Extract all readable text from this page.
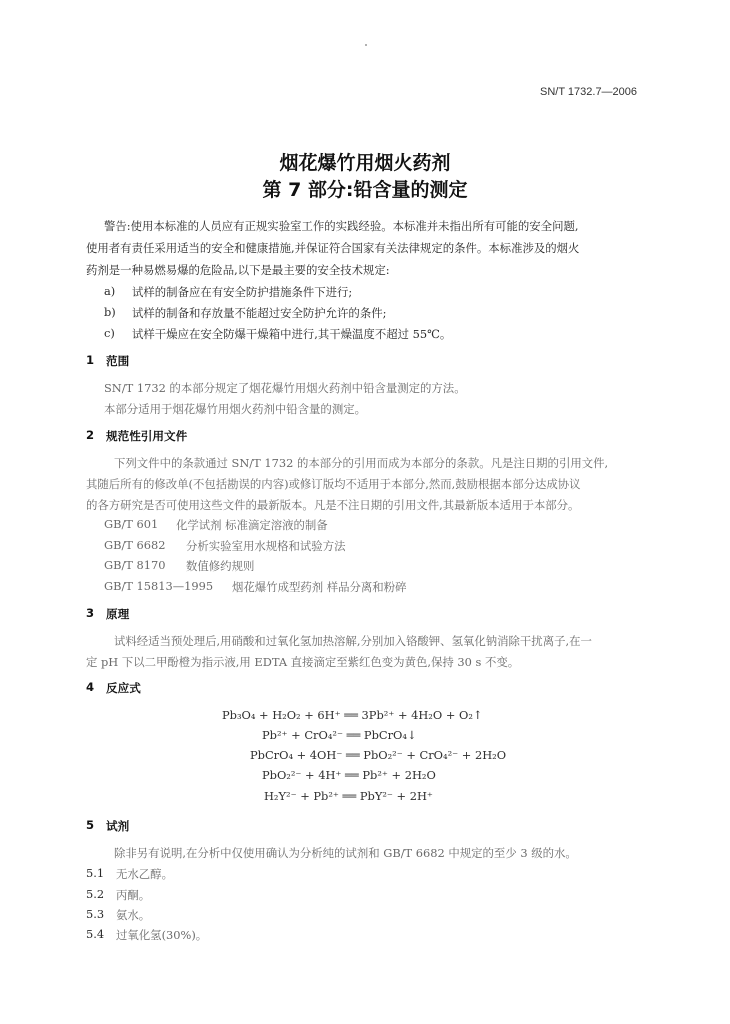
SN/T 1732.7—2006
烟花爆竹用烟火药剂
第 7 部分:铅含量的测定
警告:使用本标准的人员应有正规实验室工作的实践经验。本标准并未指出所有可能的安全问题,
使用者有责任采用适当的安全和健康措施,并保证符合国家有关法律规定的条件。本标准涉及的烟火
药剂是一种易燃易爆的危险品,以下是最主要的安全技术规定:
a) 试样的制备应在有安全防护措施条件下进行;
b) 试样的制备和存放量不能超过安全防护允许的条件;
c) 试样干燥应在安全防爆干燥箱中进行,其干燥温度不超过 55℃。
1 范围
SN/T 1732 的本部分规定了烟花爆竹用烟火药剂中铅含量测定的方法。
本部分适用于烟花爆竹用烟火药剂中铅含量的测定。
2 规范性引用文件
下列文件中的条款通过 SN/T 1732 的本部分的引用而成为本部分的条款。凡是注日期的引用文件,
其随后所有的修改单(不包括勘误的内容)或修订版均不适用于本部分,然而,鼓励根据本部分达成协议
的各方研究是否可使用这些文件的最新版本。凡是不注日期的引用文件,其最新版本适用于本部分。
GB/T 601 化学试剂 标准滴定溶液的制备
GB/T 6682 分析实验室用水规格和试验方法
GB/T 8170 数值修约规则
GB/T 15813—1995 烟花爆竹成型药剂 样品分离和粉碎
3 原理
试料经适当预处理后,用硝酸和过氧化氢加热溶解,分别加入铬酸钾、氢氧化钠消除干扰离子,在一
定 pH 下以二甲酚橙为指示液,用 EDTA 直接滴定至紫红色变为黄色,保持 30 s 不变。
4 反应式
Pb₃O₄ + H₂O₂ + 6H⁺ ══ 3Pb²⁺ + 4H₂O + O₂↑
Pb²⁺ + CrO₄²⁻ ══ PbCrO₄↓
PbCrO₄ + 4OH⁻ ══ PbO₂²⁻ + CrO₄²⁻ + 2H₂O
PbO₂²⁻ + 4H⁺ ══ Pb²⁺ + 2H₂O
H₂Y²⁻ + Pb²⁺ ══ PbY²⁻ + 2H⁺
5 试剂
除非另有说明,在分析中仅使用确认为分析纯的试剂和 GB/T 6682 中规定的至少 3 级的水。
5.1 无水乙醇。
5.2 丙酮。
5.3 氨水。
5.4 过氧化氢(30%)。
